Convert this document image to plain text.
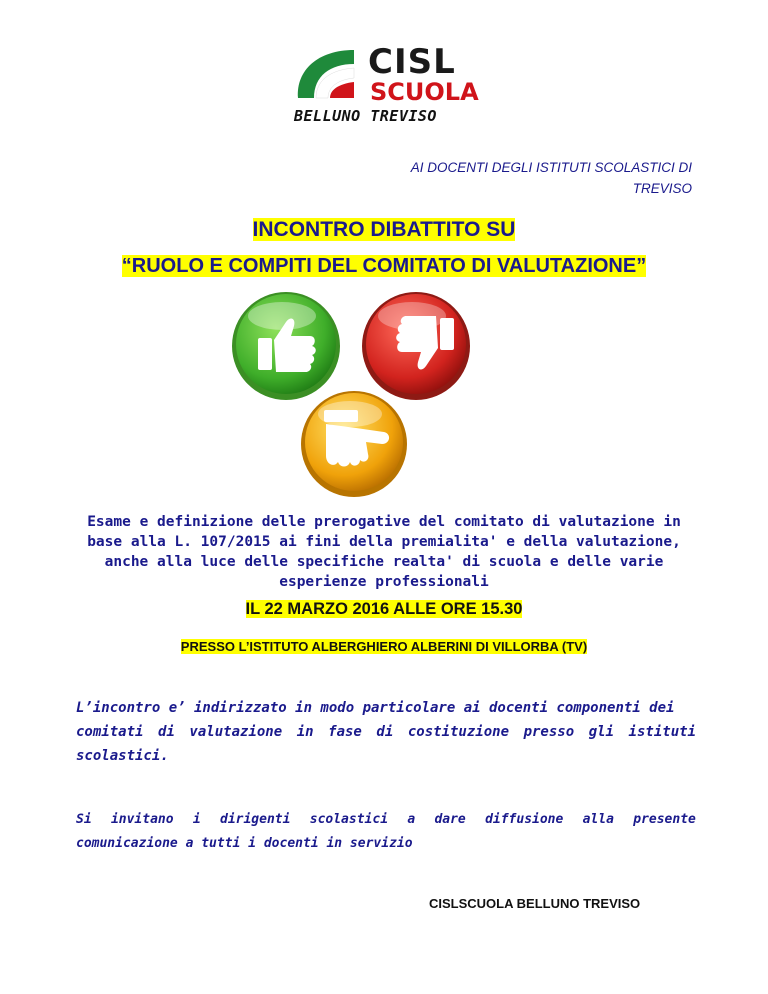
CISL
SCUOLA
BELLUNO TREVISO
AI DOCENTI DEGLI ISTITUTI SCOLASTICI DI
TREVISO
INCONTRO DIBATTITO SU
“RUOLO E COMPITI DEL COMITATO DI VALUTAZIONE”
Esame e definizione delle prerogative del comitato di valutazione in
base alla L. 107/2015 ai fini della premialita' e della valutazione,
anche alla luce delle specifiche realta' di scuola e delle varie
esperienze professionali
IL 22 MARZO 2016 ALLE ORE 15.30
PRESSO L’ISTITUTO ALBERGHIERO ALBERINI DI VILLORBA (TV)
L’incontro e’ indirizzato in modo particolare ai docenti componenti dei
comitati di valutazione in fase di costituzione presso gli istituti
scolastici.
Si invitano i dirigenti scolastici a dare diffusione alla presente
comunicazione a tutti i docenti in servizio
CISLSCUOLA BELLUNO TREVISO
